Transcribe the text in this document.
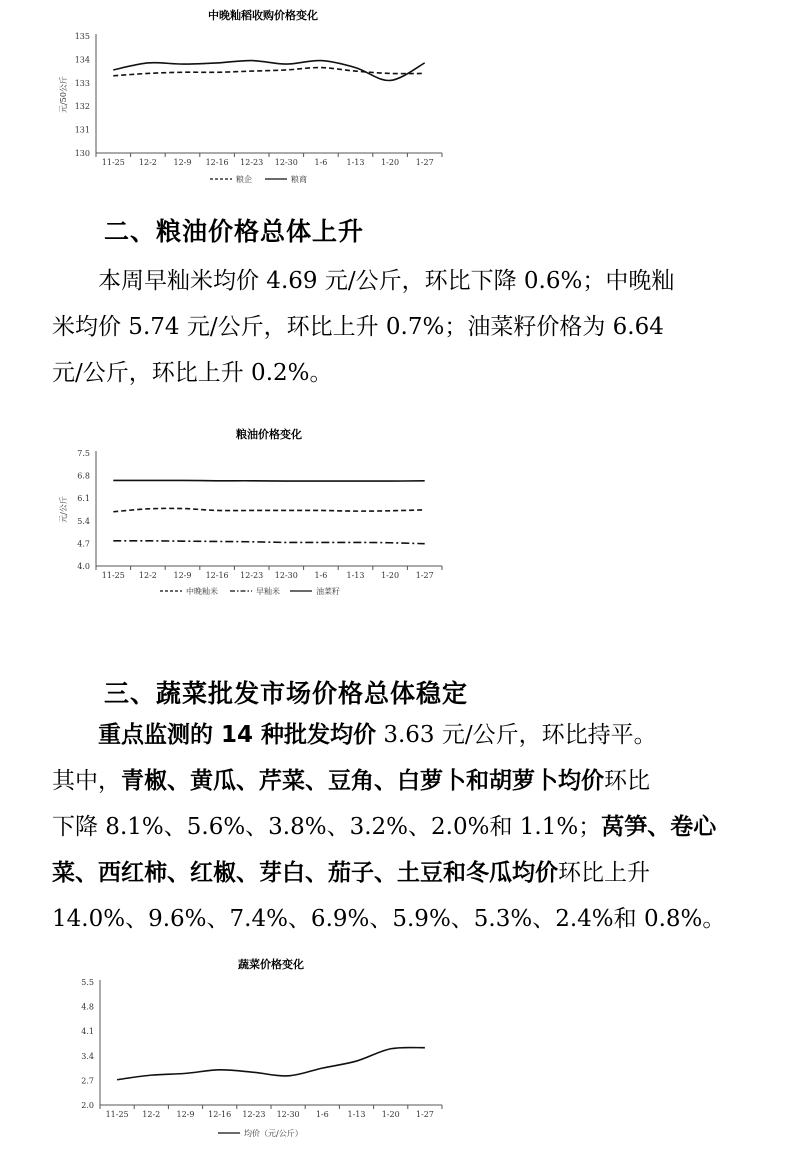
中晚籼稻收购价格变化
135
134
133
132
131
130
11-25 12-2 12-9 12-16 12-23 12-30 1-6 1-13 1-20 1-27
元/50公斤
粮企	粮商
二、粮油价格总体上升
　　本周早籼米均价 4.69 元/公斤，环比下降 0.6%；中晚籼
米均价 5.74 元/公斤，环比上升 0.7%；油菜籽价格为 6.64
元/公斤，环比上升 0.2%。
粮油价格变化
7.5
6.8
6.1
5.4
4.7
4.0
11-25 12-2 12-9 12-16 12-23 12-30 1-6 1-13 1-20 1-27
元/公斤
中晚籼米	早籼米	油菜籽
三、蔬菜批发市场价格总体稳定
　　重点监测的 14 种批发均价 3.63 元/公斤，环比持平。
其中，青椒、黄瓜、芹菜、豆角、白萝卜和胡萝卜均价环比
下降 8.1%、5.6%、3.8%、3.2%、2.0%和 1.1%；莴笋、卷心
菜、西红柿、红椒、芽白、茄子、土豆和冬瓜均价环比上升
14.0%、9.6%、7.4%、6.9%、5.9%、5.3%、2.4%和 0.8%。
蔬菜价格变化
5.5
4.8
4.1
3.4
2.7
2.0
11-25 12-2 12-9 12-16 12-23 12-30 1-6 1-13 1-20 1-27
均价（元/公斤）
